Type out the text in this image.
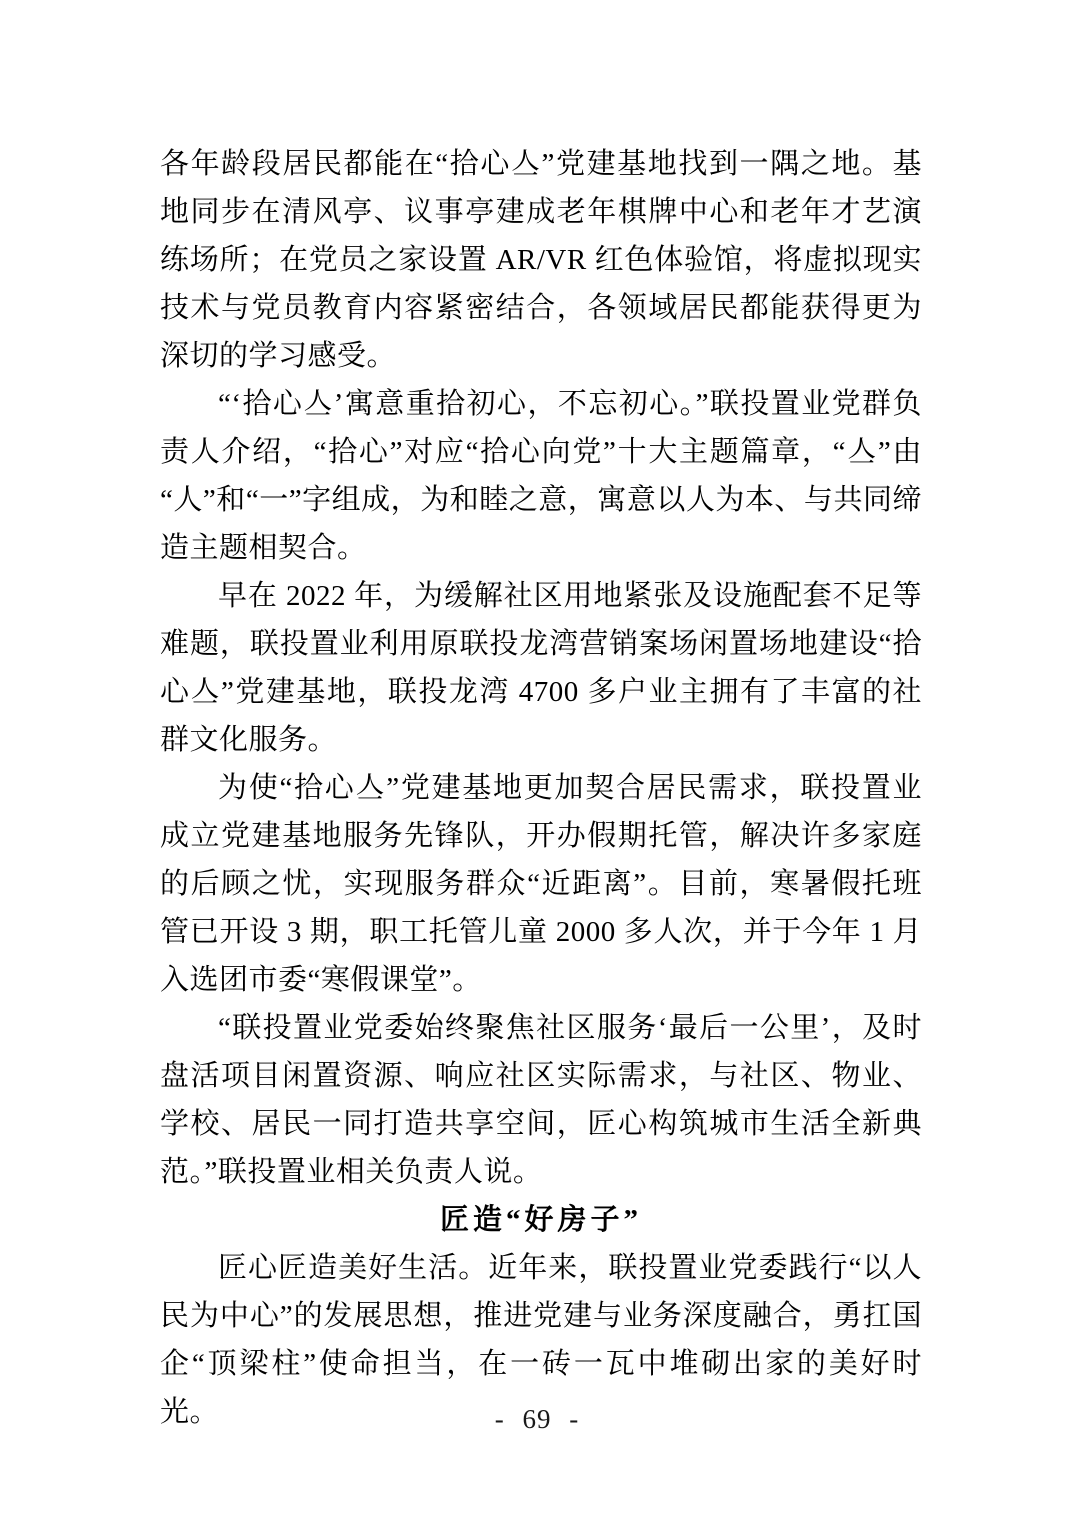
各年龄段居民都能在“拾心亼”党建基地找到一隅之地。基地同步在清风亭、议事亭建成老年棋牌中心和老年才艺演练场所；在党员之家设置 AR/VR 红色体验馆，将虚拟现实技术与党员教育内容紧密结合，各领域居民都能获得更为深切的学习感受。

“‘拾心亼’寓意重拾初心，不忘初心。”联投置业党群负责人介绍，“拾心”对应“拾心向党”十大主题篇章，“亼”由“人”和“一”字组成，为和睦之意，寓意以人为本、与共同缔造主题相契合。

早在 2022 年，为缓解社区用地紧张及设施配套不足等难题，联投置业利用原联投龙湾营销案场闲置场地建设“拾心亼”党建基地，联投龙湾 4700 多户业主拥有了丰富的社群文化服务。

为使“拾心亼”党建基地更加契合居民需求，联投置业成立党建基地服务先锋队，开办假期托管，解决许多家庭的后顾之忧，实现服务群众“近距离”。目前，寒暑假托班管已开设 3 期，职工托管儿童 2000 多人次，并于今年 1 月入选团市委“寒假课堂”。

“联投置业党委始终聚焦社区服务‘最后一公里’，及时盘活项目闲置资源、响应社区实际需求，与社区、物业、学校、居民一同打造共享空间，匠心构筑城市生活全新典范。”联投置业相关负责人说。

匠造“好房子”

匠心匠造美好生活。近年来，联投置业党委践行“以人民为中心”的发展思想，推进党建与业务深度融合，勇扛国企“顶梁柱”使命担当，在一砖一瓦中堆砌出家的美好时光。	- 69 -
